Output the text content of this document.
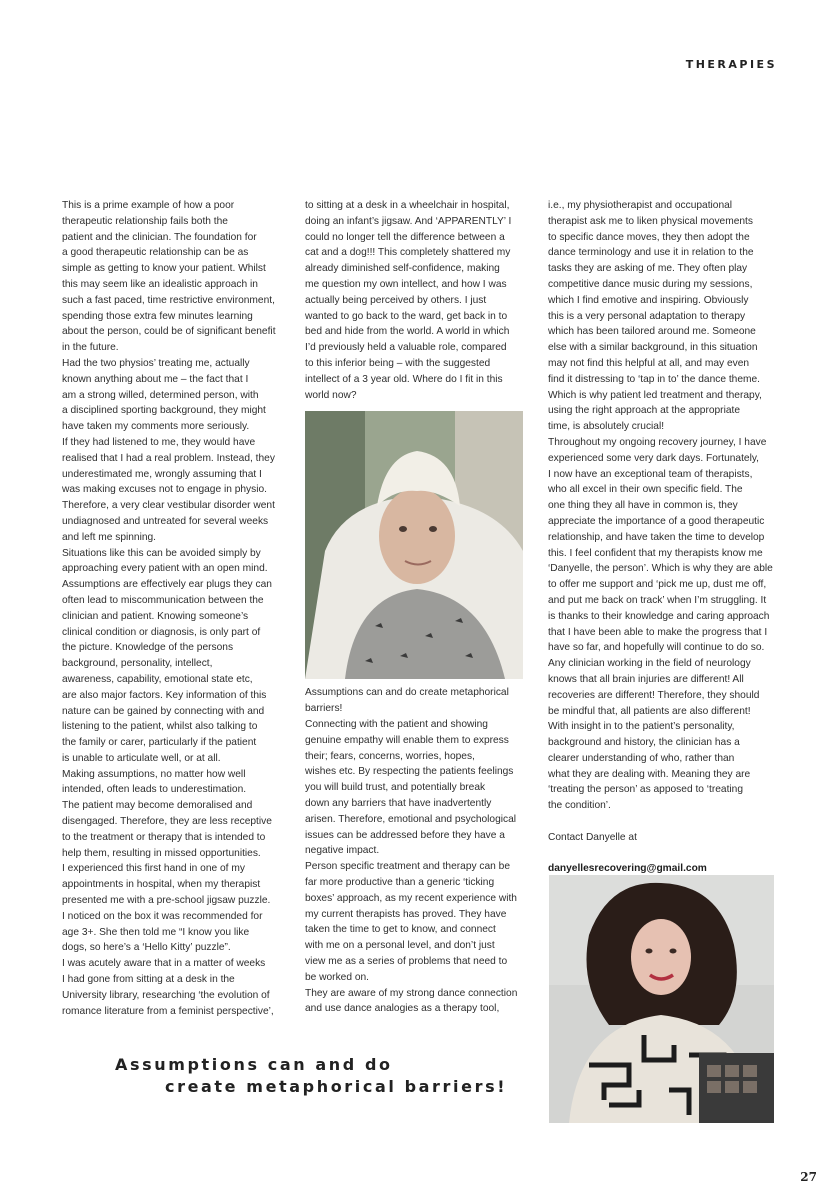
THERAPIES

This is a prime example of how a poor
therapeutic relationship fails both the
patient and the clinician. The foundation for
a good therapeutic relationship can be as
simple as getting to know your patient. Whilst
this may seem like an idealistic approach in
such a fast paced, time restrictive environment,
spending those extra few minutes learning
about the person, could be of significant benefit
in the future.
Had the two physios’ treating me, actually
known anything about me – the fact that I
am a strong willed, determined person, with
a disciplined sporting background, they might
have taken my comments more seriously.
If they had listened to me, they would have
realised that I had a real problem. Instead, they
underestimated me, wrongly assuming that I
was making excuses not to engage in physio.
Therefore, a very clear vestibular disorder went
undiagnosed and untreated for several weeks
and left me spinning.
Situations like this can be avoided simply by
approaching every patient with an open mind.
Assumptions are effectively ear plugs they can
often lead to miscommunication between the
clinician and patient. Knowing someone’s
clinical condition or diagnosis, is only part of
the picture. Knowledge of the persons
background, personality, intellect,
awareness, capability, emotional state etc,
are also major factors. Key information of this
nature can be gained by connecting with and
listening to the patient, whilst also talking to
the family or carer, particularly if the patient
is unable to articulate well, or at all.
Making assumptions, no matter how well
intended, often leads to underestimation.
The patient may become demoralised and
disengaged. Therefore, they are less receptive
to the treatment or therapy that is intended to
help them, resulting in missed opportunities.
I experienced this first hand in one of my
appointments in hospital, when my therapist
presented me with a pre-school jigsaw puzzle.
I noticed on the box it was recommended for
age 3+. She then told me “I know you like
dogs, so here’s a ‘Hello Kitty’ puzzle”.
I was acutely aware that in a matter of weeks
I had gone from sitting at a desk in the
University library, researching ‘the evolution of
romance literature from a feminist perspective’,

to sitting at a desk in a wheelchair in hospital,
doing an infant’s jigsaw. And ‘APPARENTLY’ I
could no longer tell the difference between a
cat and a dog!!! This completely shattered my
already diminished self-confidence, making
me question my own intellect, and how I was
actually being perceived by others. I just
wanted to go back to the ward, get back in to
bed and hide from the world. A world in which
I’d previously held a valuable role, compared
to this inferior being – with the suggested
intellect of a 3 year old. Where do I fit in this
world now?

Assumptions can and do create metaphorical
barriers!
Connecting with the patient and showing
genuine empathy will enable them to express
their; fears, concerns, worries, hopes,
wishes etc. By respecting the patients feelings
you will build trust, and potentially break
down any barriers that have inadvertently
arisen. Therefore, emotional and psychological
issues can be addressed before they have a
negative impact.
Person specific treatment and therapy can be
far more productive than a generic ‘ticking
boxes’ approach, as my recent experience with
my current therapists has proved. They have
taken the time to get to know, and connect
with me on a personal level, and don’t just
view me as a series of problems that need to
be worked on.
They are aware of my strong dance connection
and use dance analogies as a therapy tool,

i.e., my physiotherapist and occupational
therapist ask me to liken physical movements
to specific dance moves, they then adopt the
dance terminology and use it in relation to the
tasks they are asking of me. They often play
competitive dance music during my sessions,
which I find emotive and inspiring. Obviously
this is a very personal adaptation to therapy
which has been tailored around me. Someone
else with a similar background, in this situation
may not find this helpful at all, and may even
find it distressing to ‘tap in to’ the dance theme.
Which is why patient led treatment and therapy,
using the right approach at the appropriate
time, is absolutely crucial!
Throughout my ongoing recovery journey, I have
experienced some very dark days. Fortunately,
I now have an exceptional team of therapists,
who all excel in their own specific field. The
one thing they all have in common is, they
appreciate the importance of a good therapeutic
relationship, and have taken the time to develop
this. I feel confident that my therapists know me
‘Danyelle, the person’. Which is why they are able
to offer me support and ‘pick me up, dust me off,
and put me back on track’ when I’m struggling. It
is thanks to their knowledge and caring approach
that I have been able to make the progress that I
have so far, and hopefully will continue to do so.
Any clinician working in the field of neurology
knows that all brain injuries are different! All
recoveries are different! Therefore, they should
be mindful that, all patients are also different!
With insight in to the patient’s personality,
background and history, the clinician has a
clearer understanding of who, rather than
what they are dealing with. Meaning they are
‘treating the person’ as apposed to ‘treating
the condition’.

Contact Danyelle at

danyellesrecovering@gmail.com

Assumptions can and do
create metaphorical barriers!
27
